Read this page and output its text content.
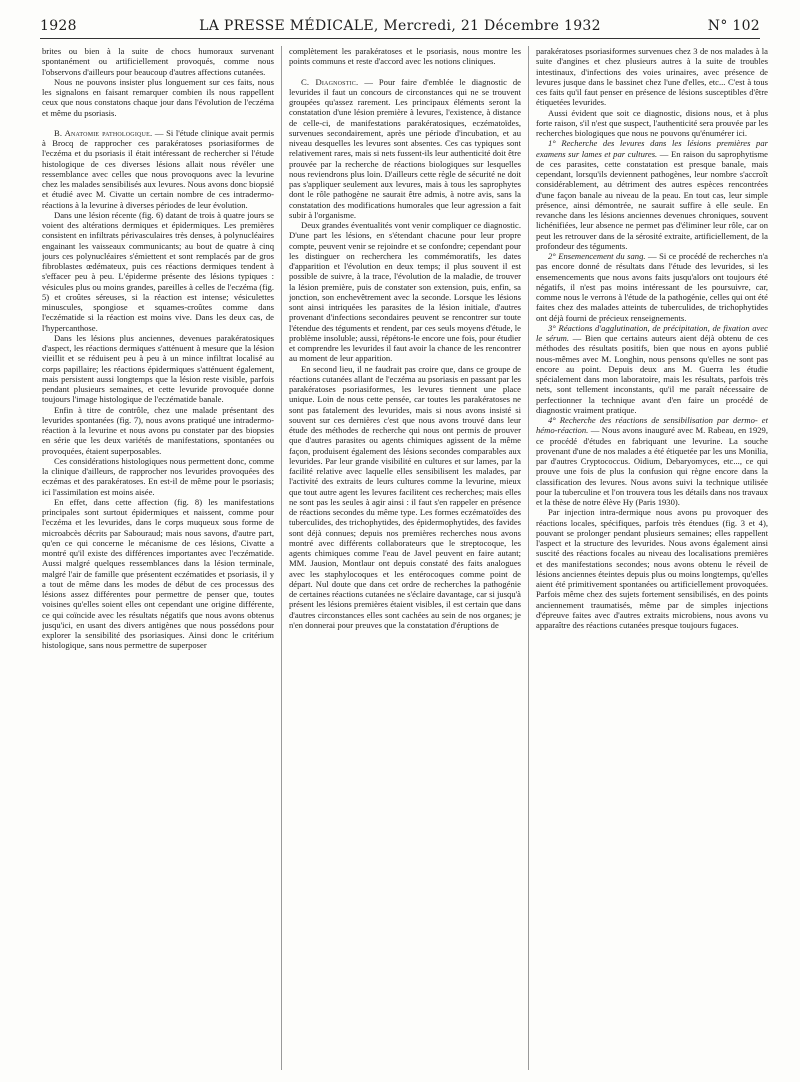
1928	LA PRESSE MÉDICALE, Mercredi, 21 Décembre 1932	N° 102

brites ou bien à la suite de chocs humoraux survenant spontanément ou artificiellement provoqués, comme nous l'observons d'ailleurs pour beaucoup d'autres affections cutanées.

Nous ne pouvons insister plus longuement sur ces faits, nous les signalons en faisant remarquer combien ils nous rappellent ceux que nous constatons chaque jour dans l'évolution de l'eczéma et même du psoriasis.

B. Anatomie pathologique. — Si l'étude clinique avait permis à Brocq de rapprocher ces parakératoses psoriasiformes de l'eczéma et du psoriasis il était intéressant de rechercher si l'étude histologique de ces diverses lésions allait nous révéler une ressemblance avec celles que nous provoquons avec la levurine chez les malades sensibilisés aux levures. Nous avons donc biopsié et étudié avec M. Civatte un certain nombre de ces intradermo-réactions à la levurine à diverses périodes de leur évolution.

Dans une lésion récente (fig. 6) datant de trois à quatre jours se voient des altérations dermiques et épidermiques. Les premières consistent en infiltrats périvasculaires très denses, à polynucléaires engainant les vaisseaux communicants; au bout de quatre à cinq jours ces polynucléaires s'émiettent et sont remplacés par de gros fibroblastes œdémateux, puis ces réactions dermiques tendent à s'effacer peu à peu. L'épiderme présente des lésions typiques : vésicules plus ou moins grandes, pareilles à celles de l'eczéma (fig. 5) et croûtes séreuses, si la réaction est intense; vésiculettes minuscules, spongiose et squames-croûtes comme dans l'eczématide si la réaction est moins vive. Dans les deux cas, de l'hypercanthose.

Dans les lésions plus anciennes, devenues parakératosiques d'aspect, les réactions dermiques s'atténuent à mesure que la lésion vieillit et se réduisent peu à peu à un mince infiltrat localisé au corps papillaire; les réactions épidermiques s'atténuent également, mais persistent aussi longtemps que la lésion reste visible, parfois pendant plusieurs semaines, et cette levuride provoquée donne toujours l'image histologique de l'eczématide banale.

Enfin à titre de contrôle, chez une malade présentant des levurides spontanées (fig. 7), nous avons pratiqué une intradermo-réaction à la levurine et nous avons pu constater par des biopsies en série que les deux variétés de manifestations, spontanées ou provoquées, étaient superposables.

Ces considérations histologiques nous permettent donc, comme la clinique d'ailleurs, de rapprocher nos levurides provoquées des eczémas et des parakératoses. En est-il de même pour le psoriasis; ici l'assimilation est moins aisée.

En effet, dans cette affection (fig. 8) les manifestations principales sont surtout épidermiques et naissent, comme pour l'eczéma et les levurides, dans le corps muqueux sous forme de microabcès décrits par Sabouraud; mais nous savons, d'autre part, qu'en ce qui concerne le mécanisme de ces lésions, Civatte a montré qu'il existe des différences importantes avec l'eczématide. Aussi malgré quelques ressemblances dans la lésion terminale, malgré l'air de famille que présentent eczématides et psoriasis, il y a tout de même dans les modes de début de ces processus des lésions assez différentes pour permettre de penser que, toutes voisines qu'elles soient elles ont cependant une origine différente, ce qui coïncide avec les résultats négatifs que nous avons obtenus jusqu'ici, en usant des divers antigènes que nous possédons pour explorer la sensibilité des psoriasiques. Ainsi donc le critérium histologique, sans nous permettre de superposer

complètement les parakératoses et le psoriasis, nous montre les points communs et reste d'accord avec les notions cliniques.

C. Diagnostic. — Pour faire d'emblée le diagnostic de levurides il faut un concours de circonstances qui ne se trouvent groupées qu'assez rarement. Les principaux éléments seront la constatation d'une lésion première à levures, l'existence, à distance de celle-ci, de manifestations parakératosiques, eczématoïdes, survenues secondairement, après une période d'incubation, et au niveau desquelles les levures sont absentes. Ces cas typiques sont relativement rares, mais si nets fussent-ils leur authenticité doit être prouvée par la recherche de réactions biologiques sur lesquelles nous reviendrons plus loin. D'ailleurs cette règle de sécurité ne doit pas s'appliquer seulement aux levures, mais à tous les saprophytes dont le rôle pathogène ne saurait être admis, à notre avis, sans la constatation des modifications humorales que leur agression a fait subir à l'organisme.

Deux grandes éventualités vont venir compliquer ce diagnostic. D'une part les lésions, en s'étendant chacune pour leur propre compte, peuvent venir se rejoindre et se confondre; cependant pour les distinguer on recherchera les commémoratifs, les dates d'apparition et l'évolution en deux temps; il plus souvent il est possible de suivre, à la trace, l'évolution de la maladie, de trouver la lésion première, puis de constater son extension, puis, enfin, sa jonction, son enchevêtrement avec la seconde. Lorsque les lésions sont ainsi intriquées les parasites de la lésion initiale, d'autres provenant d'infections secondaires peuvent se rencontrer sur toute l'étendue des téguments et rendent, par ces seuls moyens d'étude, le problème insoluble; aussi, répétons-le encore une fois, pour étudier et comprendre les levurides il faut avoir la chance de les rencontrer au moment de leur apparition.

En second lieu, il ne faudrait pas croire que, dans ce groupe de réactions cutanées allant de l'eczéma au psoriasis en passant par les parakératoses psoriasiformes, les levures tiennent une place unique. Loin de nous cette pensée, car toutes les parakératoses ne sont pas fatalement des levurides, mais si nous avons insisté si souvent sur ces dernières c'est que nous avons trouvé dans leur étude des méthodes de recherche qui nous ont permis de prouver que d'autres parasites ou agents chimiques agissent de la même façon, produisent également des lésions secondes comparables aux levurides. Par leur grande visibilité en cultures et sur lames, par la facilité relative avec laquelle elles sensibilisent les malades, par l'activité des extraits de leurs cultures comme la levurine, mieux que tout autre agent les levures facilitent ces recherches; mais elles ne sont pas les seules à agir ainsi : il faut s'en rappeler en présence de réactions secondes du même type. Les formes eczématoïdes des tuberculides, des trichophytides, des épidermophytides, des favides sont déjà connues; depuis nos premières recherches nous avons montré avec différents collaborateurs que le streptocoque, les agents chimiques comme l'eau de Javel peuvent en faire autant; MM. Jausion, Montlaur ont depuis constaté des faits analogues avec les staphylocoques et les entérocoques comme point de départ. Nul doute que dans cet ordre de recherches la pathogénie de certaines réactions cutanées ne s'éclaire davantage, car si jusqu'à présent les lésions premières étaient visibles, il est certain que dans d'autres circonstances elles sont cachées au sein de nos organes; je n'en donnerai pour preuves que la constatation d'éruptions de

parakératoses psoriasiformes survenues chez 3 de nos malades à la suite d'angines et chez plusieurs autres à la suite de troubles intestinaux, d'infections des voies urinaires, avec présence de levures jusque dans le bassinet chez l'une d'elles, etc... C'est à tous ces faits qu'il faut penser en présence de lésions susceptibles d'être étiquetées levurides.

Aussi évident que soit ce diagnostic, disions nous, et à plus forte raison, s'il n'est que suspect, l'authenticité sera prouvée par les recherches biologiques que nous ne pouvons qu'énumérer ici.

1° Recherche des levures dans les lésions premières par examens sur lames et par cultures. — En raison du saprophytisme de ces parasites, cette constatation est presque banale, mais cependant, lorsqu'ils deviennent pathogènes, leur nombre s'accroît considérablement, au détriment des autres espèces rencontrées d'une façon banale au niveau de la peau. En tout cas, leur simple présence, ainsi démontrée, ne saurait suffire à elle seule. En revanche dans les lésions anciennes devenues chroniques, souvent lichénifiées, leur absence ne permet pas d'éliminer leur rôle, car on peut les retrouver dans de la sérosité extraite, artificiellement, de la profondeur des téguments.

2° Ensemencement du sang. — Si ce procédé de recherches n'a pas encore donné de résultats dans l'étude des levurides, si les ensemencements que nous avons faits jusqu'alors ont toujours été négatifs, il n'est pas moins intéressant de les poursuivre, car, comme nous le verrons à l'étude de la pathogénie, celles qui ont été faites chez des malades atteints de tuberculides, de trichophytides ont déjà fourni de précieux renseignements.

3° Réactions d'agglutination, de précipitation, de fixation avec le sérum. — Bien que certains auteurs aient déjà obtenu de ces méthodes des résultats positifs, bien que nous en ayons publié nous-mêmes avec M. Longhin, nous pensons qu'elles ne sont pas encore au point. Depuis deux ans M. Guerra les étudie spécialement dans mon laboratoire, mais les résultats, parfois très nets, sont tellement inconstants, qu'il me paraît nécessaire de perfectionner la technique avant d'en faire un procédé de diagnostic vraiment pratique.

4° Recherche des réactions de sensibilisation par dermo- et hémo-réaction. — Nous avons inauguré avec M. Rabeau, en 1929, ce procédé d'études en fabriquant une levurine. La souche provenant d'une de nos malades a été étiquetée par les uns Monilia, par d'autres Cryptococcus. Oidium, Debaryomyces, etc..., ce qui prouve une fois de plus la confusion qui règne encore dans la classification des levures. Nous avons suivi la technique utilisée pour la tuberculine et l'on trouvera tous les détails dans nos travaux et la thèse de notre élève Hy (Paris 1930).

Par injection intra-dermique nous avons pu provoquer des réactions locales, spécifiques, parfois très étendues (fig. 3 et 4), pouvant se prolonger pendant plusieurs semaines; elles rappellent l'aspect et la structure des levurides. Nous avons également ainsi suscité des réactions focales au niveau des localisations premières et des manifestations secondes; nous avons obtenu le réveil de lésions anciennes éteintes depuis plus ou moins longtemps, qu'elles aient été primitivement spontanées ou artificiellement provoquées. Parfois même chez des sujets fortement sensibilisés, en des points anciennement traumatisés, même par de simples injections d'épreuve faites avec d'autres extraits microbiens, nous avons vu apparaître des réactions cutanées presque toujours fugaces.
